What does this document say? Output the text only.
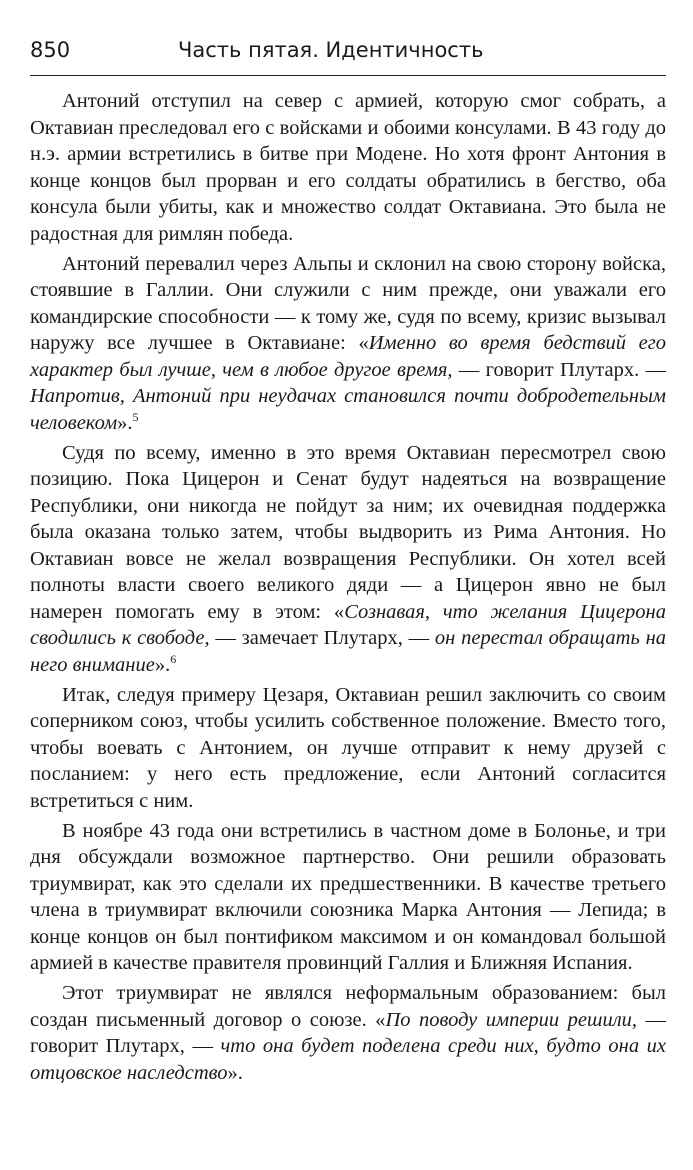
850	Часть пятая. Идентичность

Антоний отступил на север с армией, которую смог собрать, а Октавиан преследовал его с войсками и обоими консулами. В 43 году до н.э. армии встретились в битве при Модене. Но хотя фронт Антония в конце концов был прорван и его солдаты обратились в бегство, оба консула были убиты, как и множество солдат Октавиана. Это была не радостная для римлян победа.

Антоний перевалил через Альпы и склонил на свою сторону войска, стоявшие в Галлии. Они служили с ним прежде, они уважали его командирские способности — к тому же, судя по всему, кризис вызывал наружу все лучшее в Октавиане: «Именно во время бедствий его характер был лучше, чем в любое другое время, — говорит Плутарх. — Напротив, Антоний при неудачах становился почти добродетельным человеком».$^5$

Судя по всему, именно в это время Октавиан пересмотрел свою позицию. Пока Цицерон и Сенат будут надеяться на возвращение Республики, они никогда не пойдут за ним; их очевидная поддержка была оказана только затем, чтобы выдворить из Рима Антония. Но Октавиан вовсе не желал возвращения Республики. Он хотел всей полноты власти своего великого дяди — а Цицерон явно не был намерен помогать ему в этом: «Сознавая, что желания Цицерона сводились к свободе, — замечает Плутарх, — он перестал обращать на него внимание».$^6$

Итак, следуя примеру Цезаря, Октавиан решил заключить со своим соперником союз, чтобы усилить собственное положение. Вместо того, чтобы воевать с Антонием, он лучше отправит к нему друзей с посланием: у него есть предложение, если Антоний согласится встретиться с ним.

В ноябре 43 года они встретились в частном доме в Болонье, и три дня обсуждали возможное партнерство. Они решили образовать триумвират, как это сделали их предшественники. В качестве третьего члена в триумвират включили союзника Марка Антония — Лепида; в конце концов он был понтификом максимом и он командовал большой армией в качестве правителя провинций Галлия и Ближняя Испания.

Этот триумвират не являлся неформальным образованием: был создан письменный договор о союзе. «По поводу империи решили, — говорит Плутарх, — что она будет поделена среди них, будто она их отцовское наследство».
